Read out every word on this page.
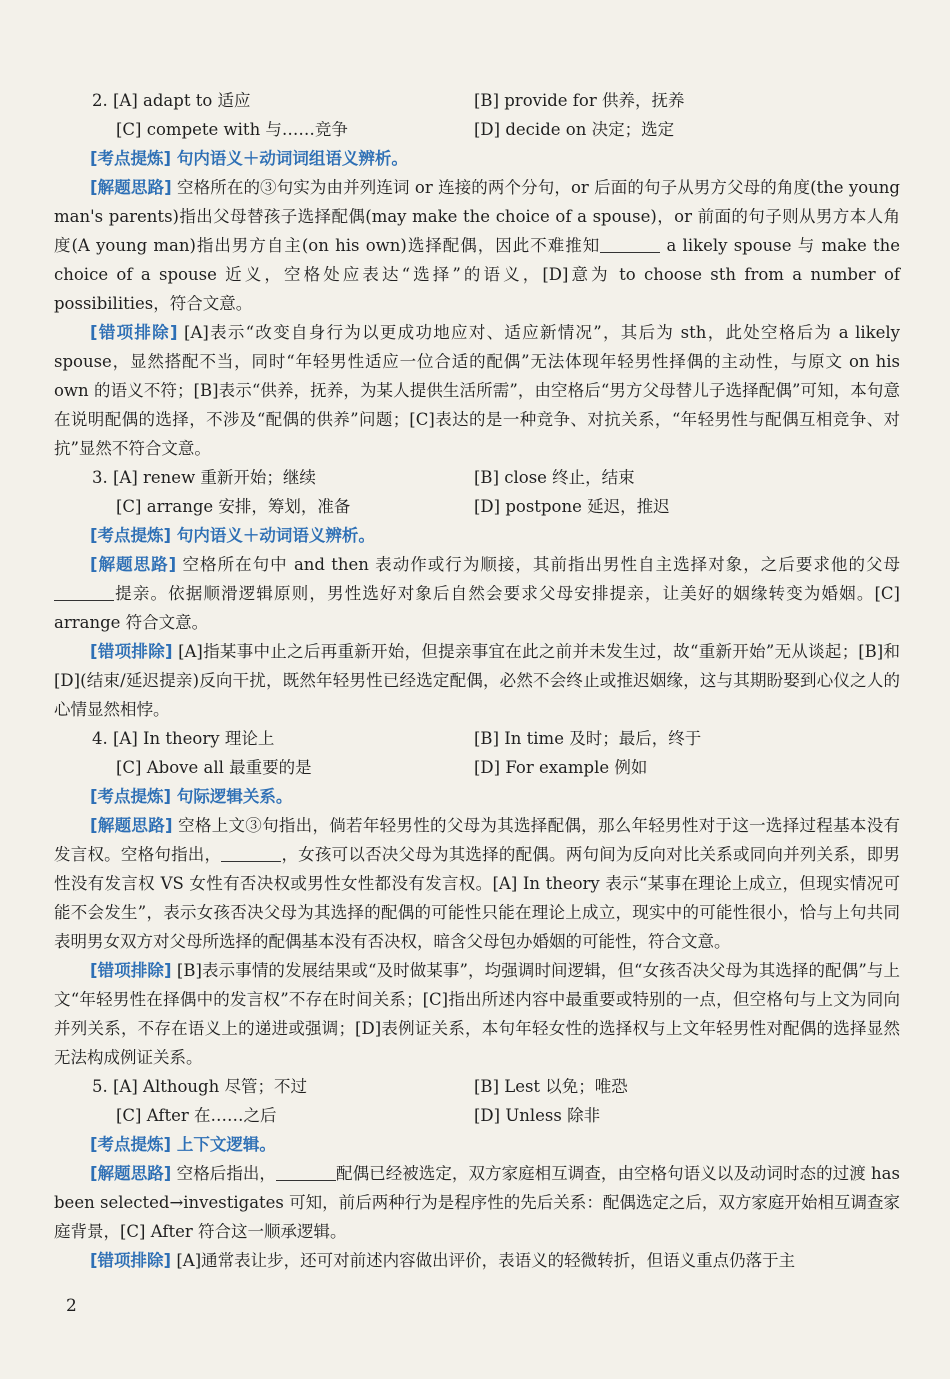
2. [A] adapt to 适应	[B] provide for 供养，抚养
[C] compete with 与……竞争	[D] decide on 决定；选定
[考点提炼] 句内语义＋动词词组语义辨析。
[解题思路] 空格所在的③句实为由并列连词 or 连接的两个分句，or 后面的句子从男方父母的角度(the young man's parents)指出父母替孩子选择配偶(may make the choice of a spouse)，or 前面的句子则从男方本人角度(A young man)指出男方自主(on his own)选择配偶，因此不难推知	a likely spouse 与 make the choice of a spouse 近义，空格处应表达“选择”的语义，[D]意为 to choose sth from a number of possibilities，符合文意。
[错项排除] [A]表示“改变自身行为以更成功地应对、适应新情况”，其后为 sth，此处空格后为 a likely spouse，显然搭配不当，同时“年轻男性适应一位合适的配偶”无法体现年轻男性择偶的主动性，与原文 on his own 的语义不符；[B]表示“供养，抚养，为某人提供生活所需”，由空格后“男方父母替儿子选择配偶”可知，本句意在说明配偶的选择，不涉及“配偶的供养”问题；[C]表达的是一种竞争、对抗关系，“年轻男性与配偶互相竞争、对抗”显然不符合文意。
3. [A] renew 重新开始；继续	[B] close 终止，结束
[C] arrange 安排，筹划，准备	[D] postpone 延迟，推迟
[考点提炼] 句内语义＋动词语义辨析。
[解题思路] 空格所在句中 and then 表动作或行为顺接，其前指出男性自主选择对象，之后要求他的父母提亲。依据顺滑逻辑原则，男性选好对象后自然会要求父母安排提亲，让美好的姻缘转变为婚姻。[C] arrange 符合文意。
[错项排除] [A]指某事中止之后再重新开始，但提亲事宜在此之前并未发生过，故“重新开始”无从谈起；[B]和[D](结束/延迟提亲)反向干扰，既然年轻男性已经选定配偶，必然不会终止或推迟姻缘，这与其期盼娶到心仪之人的心情显然相悖。
4. [A] In theory 理论上	[B] In time 及时；最后，终于
[C] Above all 最重要的是	[D] For example 例如
[考点提炼] 句际逻辑关系。
[解题思路] 空格上文③句指出，倘若年轻男性的父母为其选择配偶，那么年轻男性对于这一选择过程基本没有发言权。空格句指出，	，女孩可以否决父母为其选择的配偶。两句间为反向对比关系或同向并列关系，即男性没有发言权 VS 女性有否决权或男性女性都没有发言权。[A] In theory 表示“某事在理论上成立，但现实情况可能不会发生”，表示女孩否决父母为其选择的配偶的可能性只能在理论上成立，现实中的可能性很小，恰与上句共同表明男女双方对父母所选择的配偶基本没有否决权，暗含父母包办婚姻的可能性，符合文意。
[错项排除] [B]表示事情的发展结果或“及时做某事”，均强调时间逻辑，但“女孩否决父母为其选择的配偶”与上文“年轻男性在择偶中的发言权”不存在时间关系；[C]指出所述内容中最重要或特别的一点，但空格句与上文为同向并列关系，不存在语义上的递进或强调；[D]表例证关系，本句年轻女性的选择权与上文年轻男性对配偶的选择显然无法构成例证关系。
5. [A] Although 尽管；不过	[B] Lest 以免；唯恐
[C] After 在……之后	[D] Unless 除非
[考点提炼] 上下文逻辑。
[解题思路] 空格后指出，	配偶已经被选定，双方家庭相互调查，由空格句语义以及动词时态的过渡 has been selected→investigates 可知，前后两种行为是程序性的先后关系：配偶选定之后，双方家庭开始相互调查家庭背景，[C] After 符合这一顺承逻辑。
[错项排除] [A]通常表让步，还可对前述内容做出评价，表语义的轻微转折，但语义重点仍落于主
2
